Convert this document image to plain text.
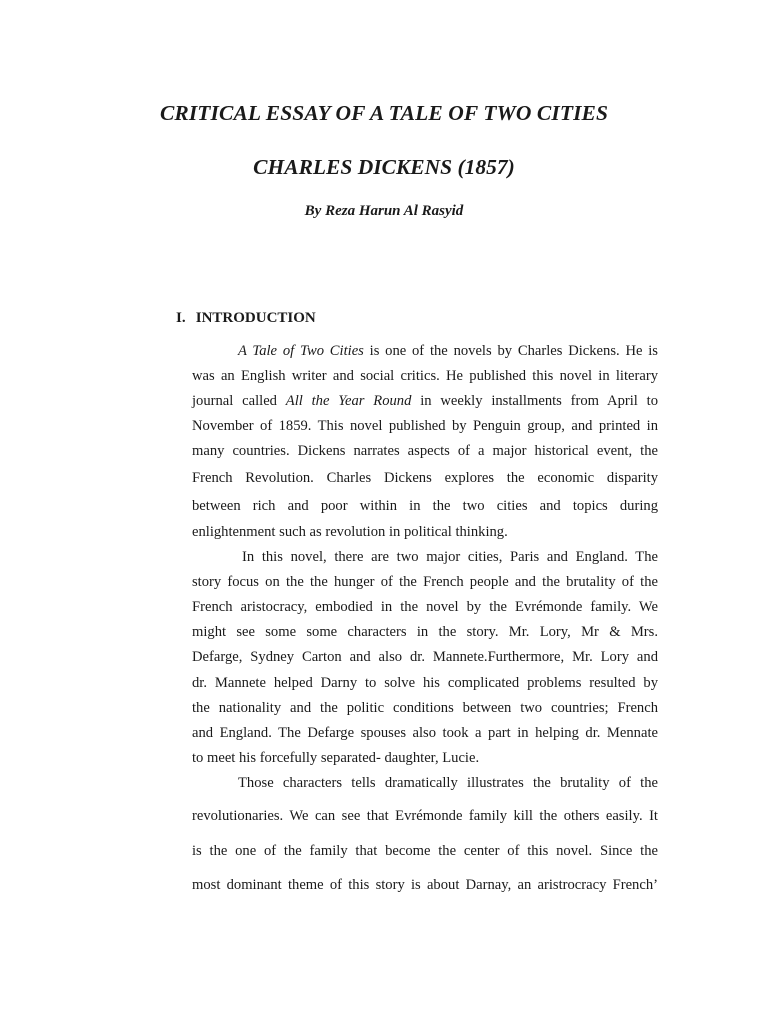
CRITICAL ESSAY OF A TALE OF TWO CITIES
CHARLES DICKENS (1857)

By Reza Harun Al Rasyid

I. INTRODUCTION
A Tale of Two Cities is one of the novels by Charles Dickens. He is
was an English writer and social critics. He published this novel in literary
journal called All the Year Round in weekly installments from April to
November of 1859. This novel published by Penguin group, and printed in
many countries. Dickens narrates aspects of a major historical event, the
French Revolution. Charles Dickens explores the economic disparity
between rich and poor within in the two cities and topics during
enlightenment such as revolution in political thinking.
In this novel, there are two major cities, Paris and England. The
story focus on the the hunger of the French people and the brutality of the
French aristocracy, embodied in the novel by the Evrémonde family. We
might see some some characters in the story. Mr. Lory, Mr & Mrs.
Defarge, Sydney Carton and also dr. Mannete.Furthermore, Mr. Lory and
dr. Mannete helped Darny to solve his complicated problems resulted by
the nationality and the politic conditions between two countries; French
and England. The Defarge spouses also took a part in helping dr. Mennate
to meet his forcefully separated- daughter, Lucie.
Those characters tells dramatically illustrates the brutality of the
revolutionaries. We can see that Evrémonde family kill the others easily. It
is the one of the family that become the center of this novel. Since the
most dominant theme of this story is about Darnay, an aristrocracy French’
